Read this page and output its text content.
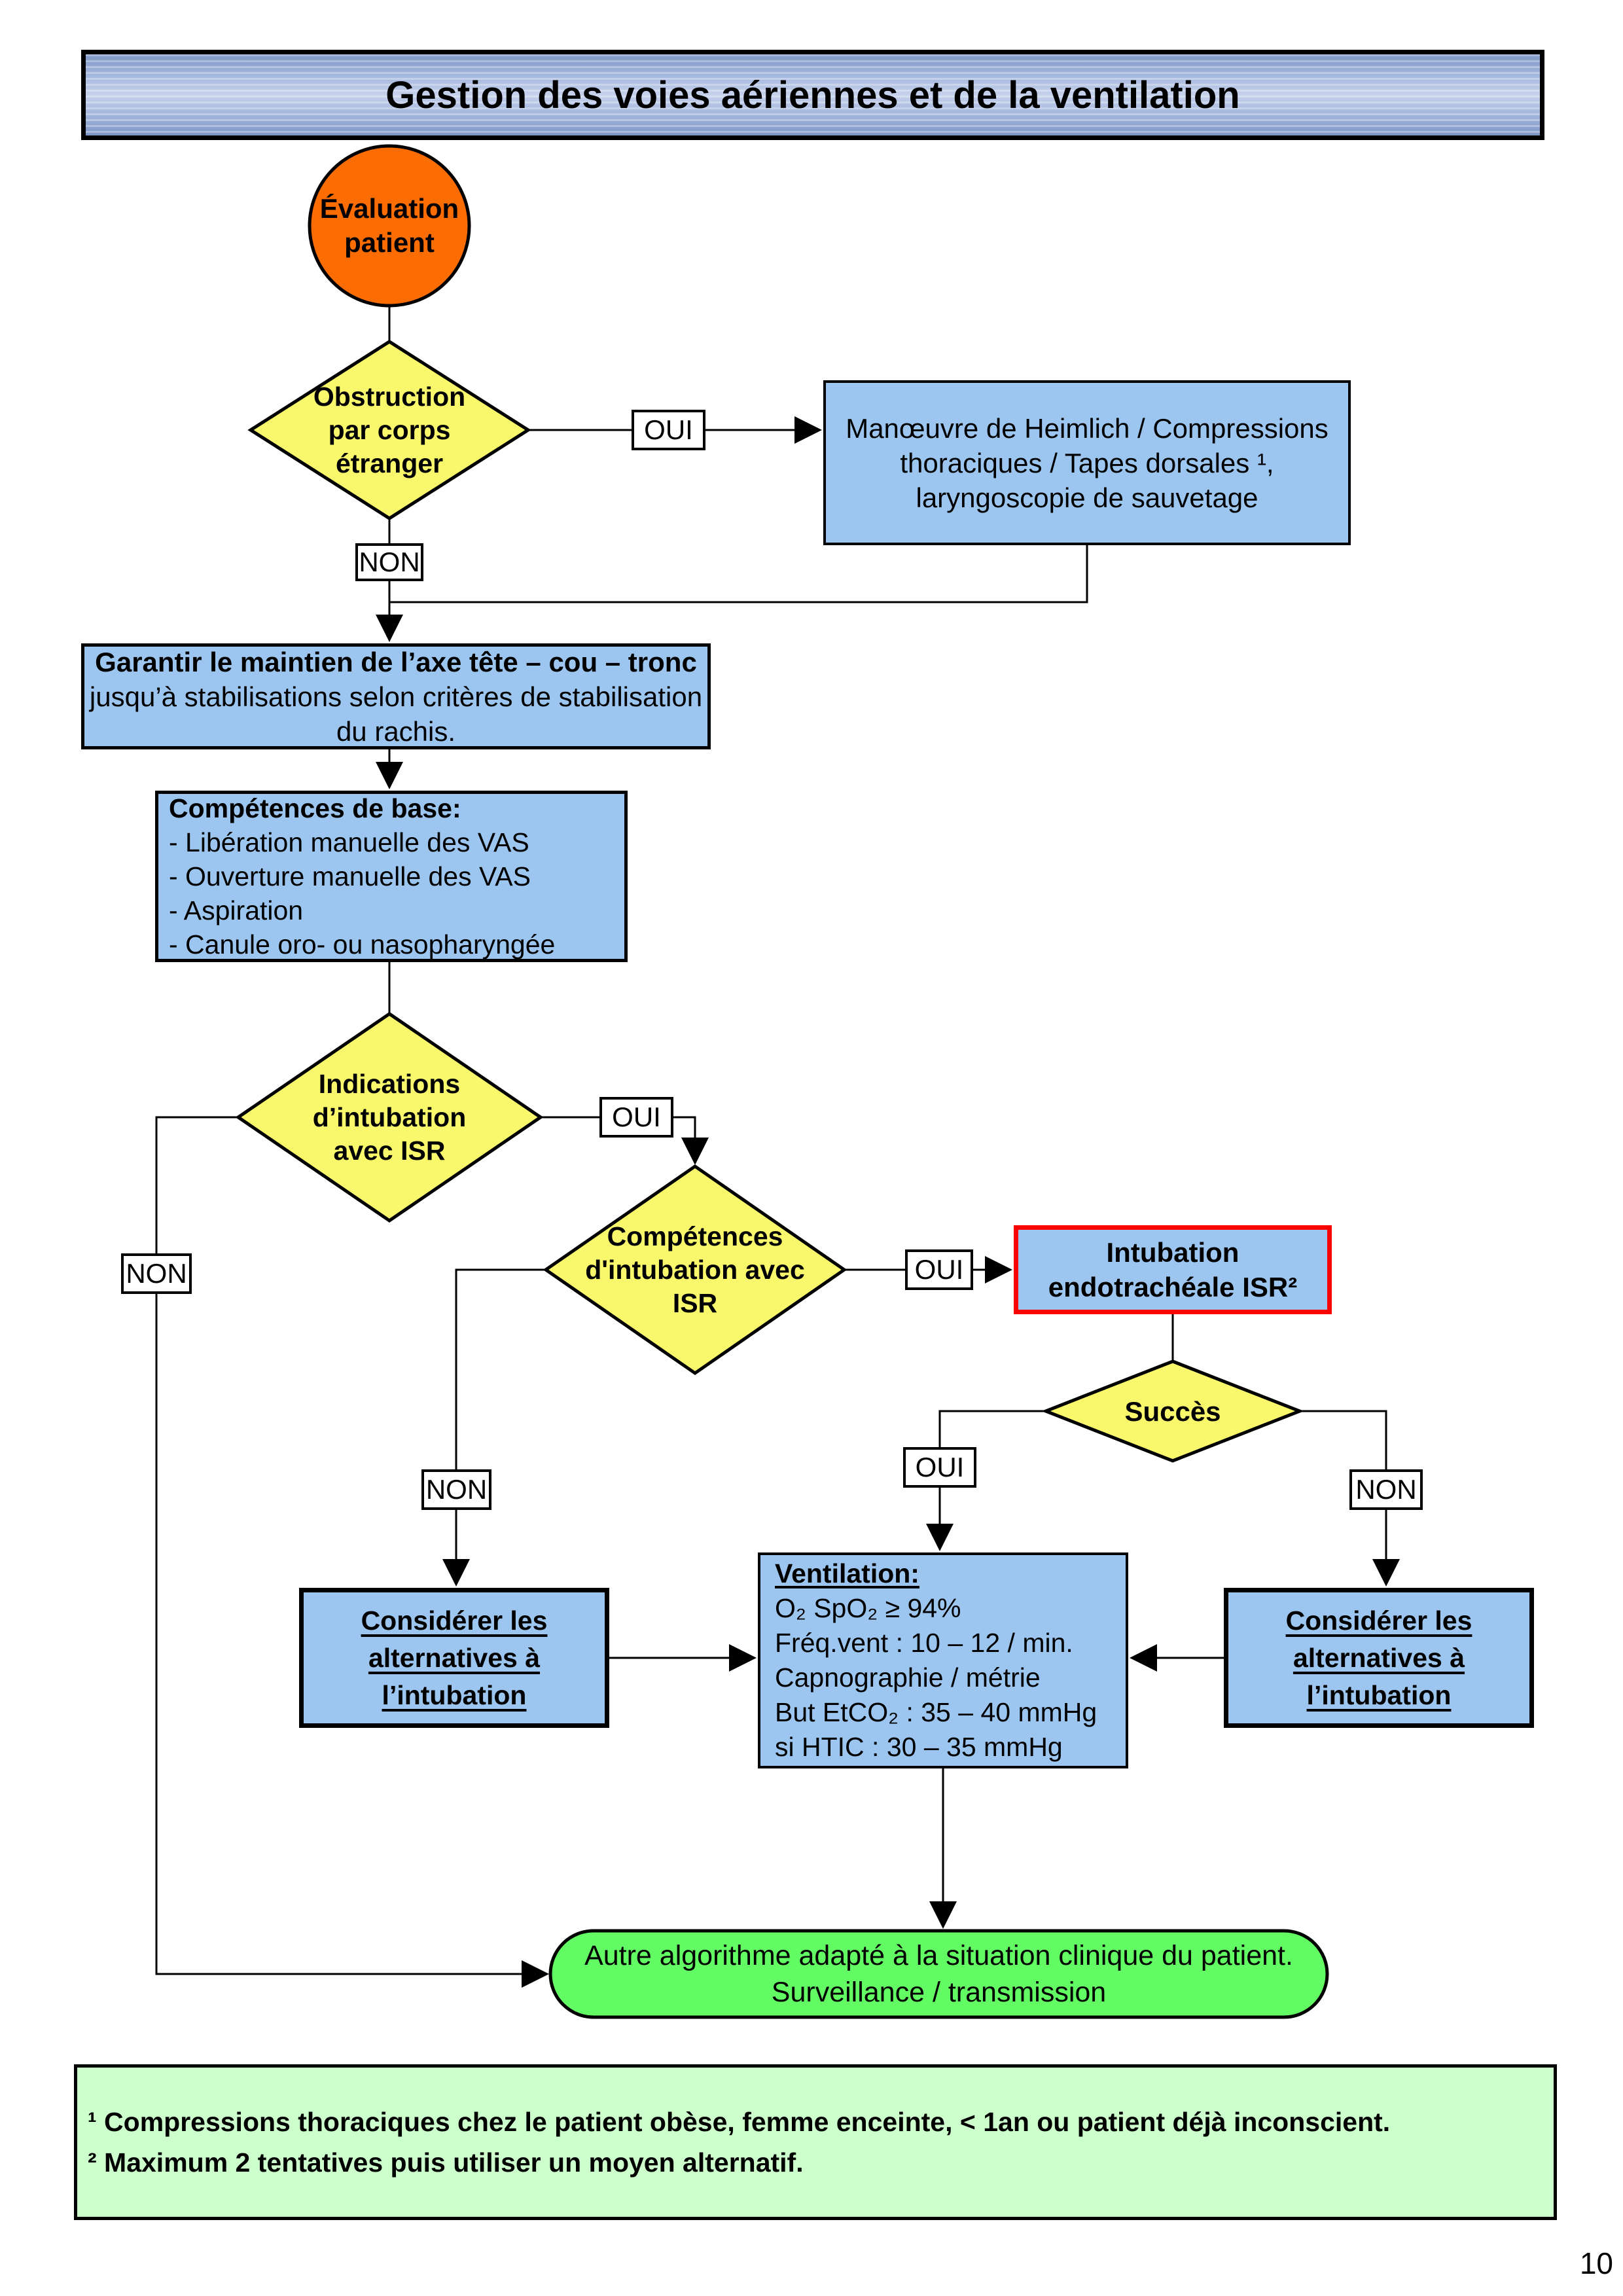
Gestion des voies aériennes et de la ventilation
Évaluation
patient
Obstruction
par corps
étranger
OUI
NON
OUI
NON	OUI
NON
OUI
NON
Manœuvre de Heimlich / Compressions
thoraciques / Tapes dorsales ¹,
laryngoscopie de sauvetage
Garantir le maintien de l’axe tête – cou – tronc
jusqu’à stabilisations selon critères de stabilisation
du rachis.
Compétences de base:
- Libération manuelle des VAS
- Ouverture manuelle des VAS
- Aspiration
- Canule oro- ou nasopharyngée
Indications
d’intubation
avec ISR
Compétences
d'intubation avec
ISR
Intubation
endotrachéale ISR²
Succès
Considérer les
alternatives à
l’intubation
Ventilation:
O₂ SpO₂ ≥ 94%
Fréq.vent : 10 – 12 / min.
Capnographie / métrie
But EtCO₂ : 35 – 40 mmHg
si HTIC : 30 – 35 mmHg
Considérer les
alternatives à
l’intubation
Autre algorithme adapté à la situation clinique du patient.
Surveillance / transmission
¹ Compressions thoraciques chez le patient obèse, femme enceinte, < 1an ou patient déjà inconscient.
² Maximum 2 tentatives puis utiliser un moyen alternatif.
10
